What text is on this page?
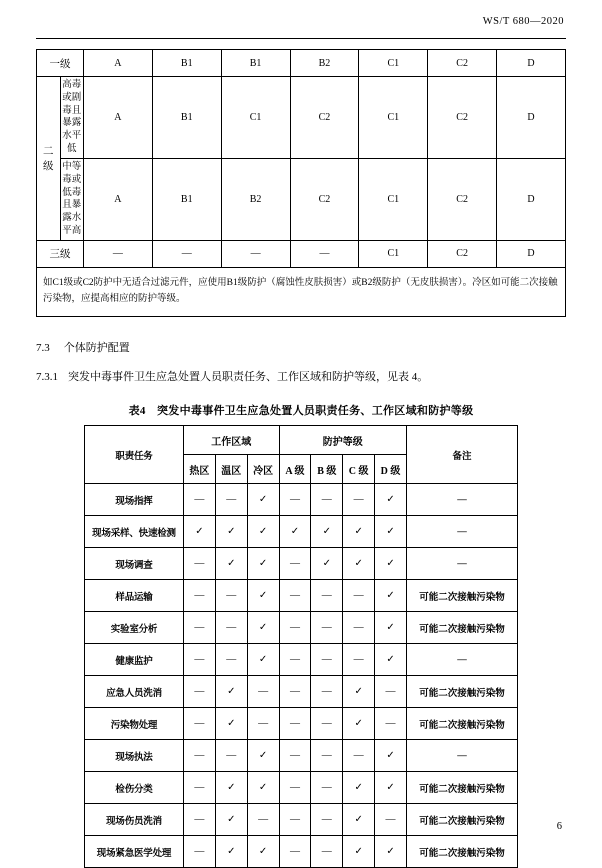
WS/T 680—2020
一级		A	B1	B1	B2	C1	C2	D
二级	高毒或剧毒且暴露水平低	A	B1	C1	C2	C1	C2	D
	中等毒或低毒且暴露水平高	A	B1	B2	C2	C1	C2	D
三级		—	—	—	—	C1	C2	D
如C1级或C2防护中无适合过滤元件，应使用B1级防护（腐蚀性皮肤损害）或B2级防护（无皮肤损害）。冷区如可能二次接触污染物，应提高相应的防护等级。								
7.3 个体防护配置
7.3.1 突发中毒事件卫生应急处置人员职责任务、工作区域和防护等级，见表 4。
表4　突发中毒事件卫生应急处置人员职责任务、工作区域和防护等级
职责任务	工作区域			防护等级				备注
	热区	温区	冷区	A 级	B 级	C 级	D 级	
现场指挥	—	—	✓	—	—	—	✓	—
现场采样、快速检测	✓	✓	✓	✓	✓	✓	✓	—
现场调查	—	✓	✓	—	✓	✓	✓	—
样品运输	—	—	✓	—	—	—	✓	可能二次接触污染物
实验室分析	—	—	✓	—	—	—	✓	可能二次接触污染物
健康监护	—	—	✓	—	—	—	✓	—
应急人员洗消	—	✓	—	—	—	✓	—	可能二次接触污染物
污染物处理	—	✓	—	—	—	✓	—	可能二次接触污染物
现场执法	—	—	✓	—	—	—	✓	—
检伤分类	—	✓	✓	—	—	✓	✓	可能二次接触污染物
现场伤员洗消	—	✓	—	—	—	✓	—	可能二次接触污染物
现场紧急医学处理	—	✓	✓	—	—	✓	✓	可能二次接触污染物
6
